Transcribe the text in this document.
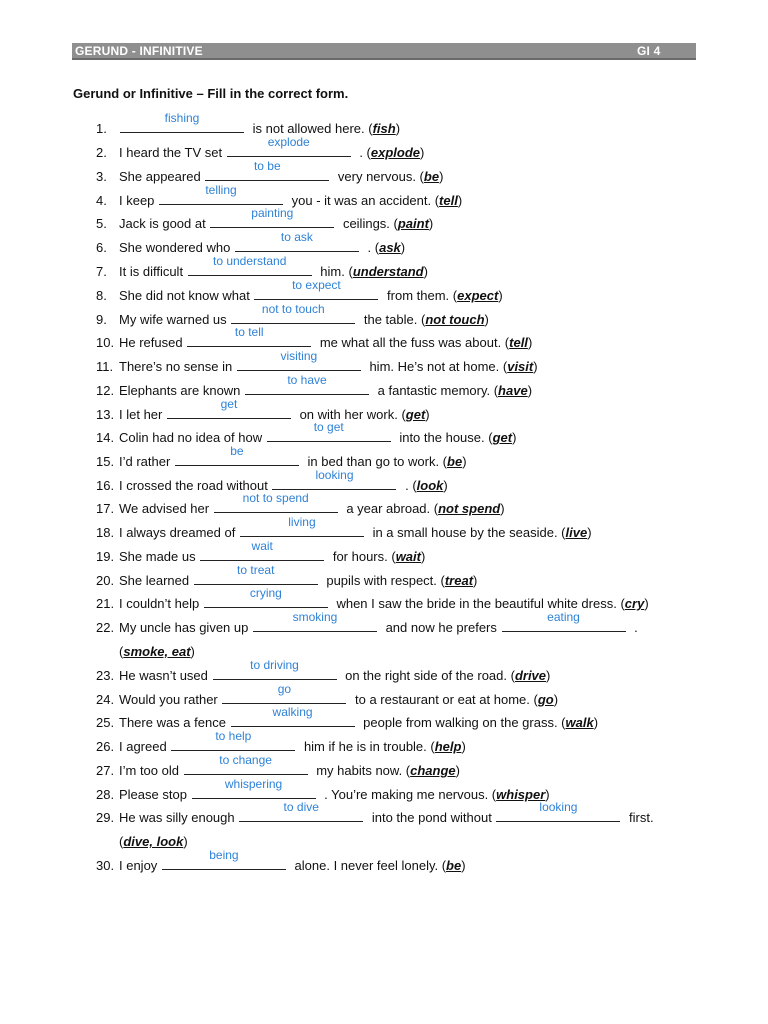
GERUND - INFINITIVE	GI 4
Gerund or Infinitive – Fill in the correct form.
1.
fishing
is not allowed here. (fish)
2. I heard the TV set
explode
. (explode)
3. She appeared
to be
very nervous. (be)
4. I keep
telling
you - it was an accident. (tell)
5. Jack is good at
painting
ceilings. (paint)
6. She wondered who
to ask
. (ask)
7. It is difficult
to understand
him. (understand)
8. She did not know what
to expect
from them. (expect)
9. My wife warned us
not to touch
the table. (not touch)
10. He refused
to tell
me what all the fuss was about. (tell)
11. There’s no sense in
visiting
him. He’s not at home. (visit)
12. Elephants are known
to have
a fantastic memory. (have)
13. I let her
get
on with her work. (get)
14. Colin had no idea of how
to get
into the house. (get)
15. I’d rather
be
in bed than go to work. (be)
16. I crossed the road without
looking
. (look)
17. We advised her
not to spend
a year abroad. (not spend)
18. I always dreamed of
living
in a small house by the seaside. (live)
19. She made us
wait
for hours. (wait)
20. She learned
to treat
pupils with respect. (treat)
21. I couldn’t help
crying
when I saw the bride in the beautiful white dress. (cry)
22. My uncle has given up
smoking
and now he prefers
eating
.
(smoke, eat)
23. He wasn’t used
to driving
on the right side of the road. (drive)
24. Would you rather
go
to a restaurant or eat at home. (go)
25. There was a fence
walking
people from walking on the grass. (walk)
26. I agreed
to help
him if he is in trouble. (help)
27. I’m too old
to change
my habits now. (change)
28. Please stop
whispering
. You’re making me nervous. (whisper)
29. He was silly enough
to dive
into the pond without
looking
first.
(dive, look)
30. I enjoy
being
alone. I never feel lonely. (be)
